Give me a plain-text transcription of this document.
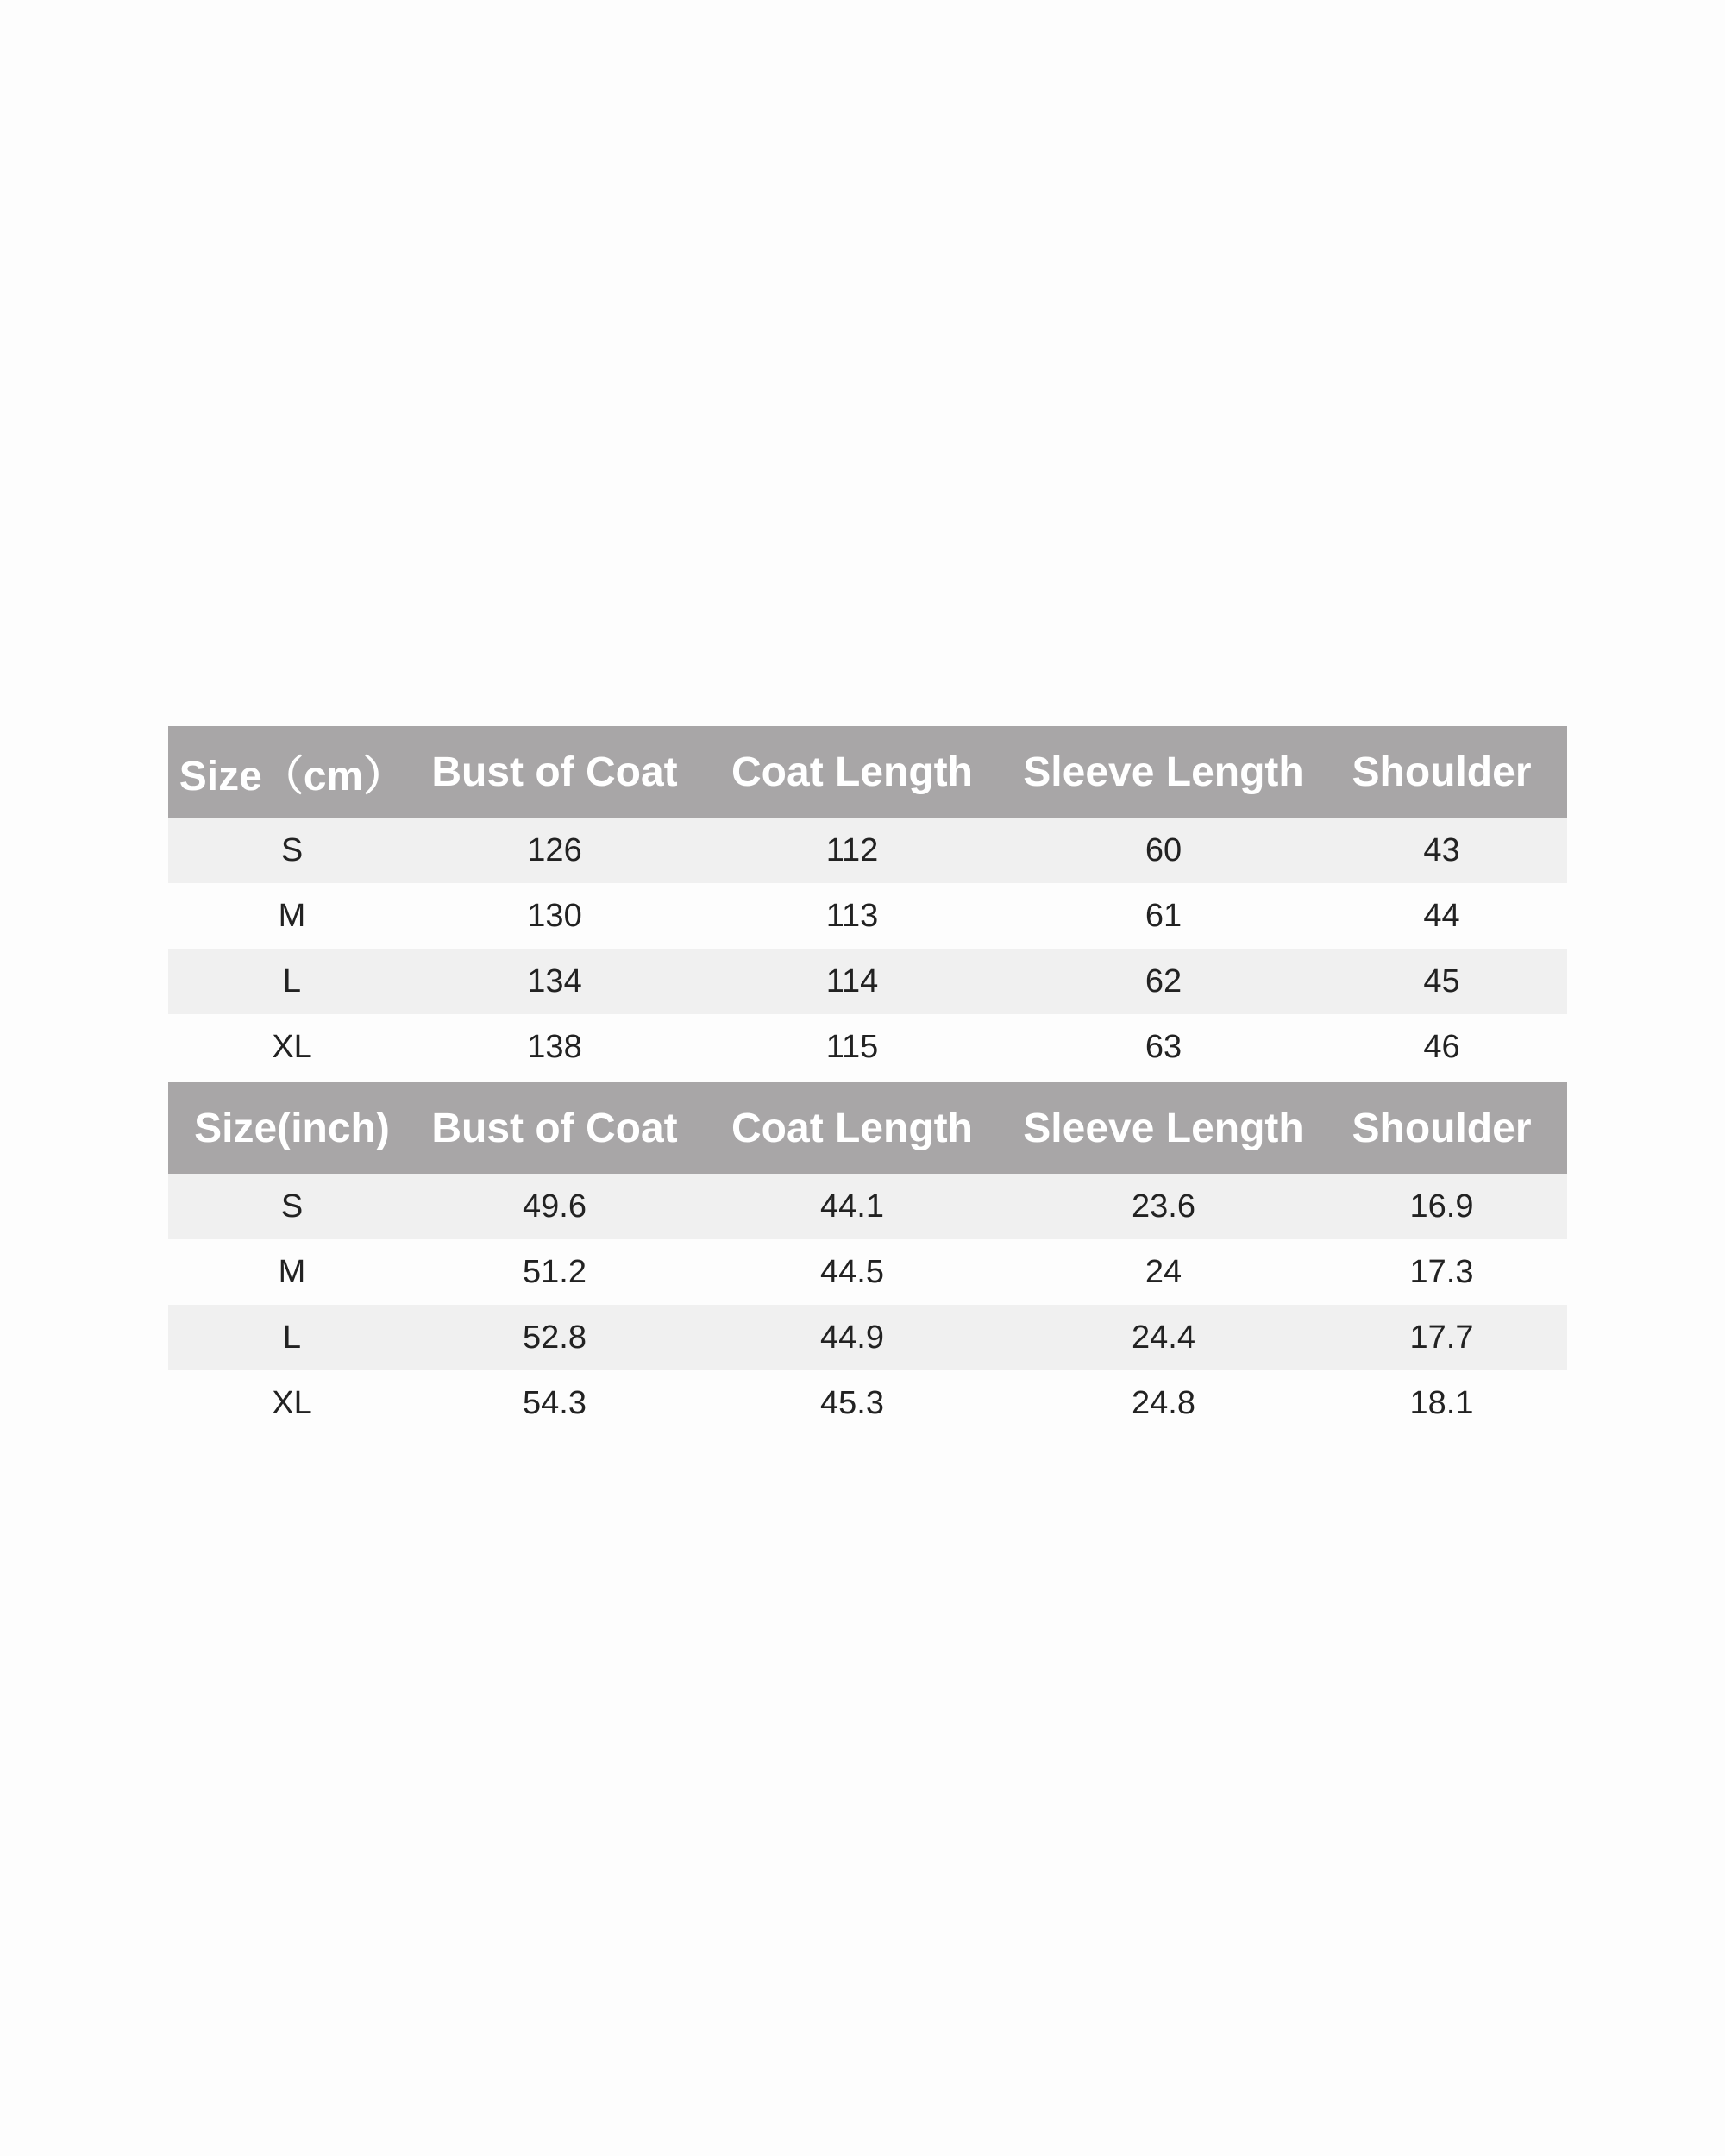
Size（cm）	Bust of Coat	Coat Length	Sleeve Length	Shoulder
S	126	112	60	43
M	130	113	61	44
L	134	114	62	45
XL	138	115	63	46
Size(inch)	Bust of Coat	Coat Length	Sleeve Length	Shoulder
S	49.6	44.1	23.6	16.9
M	51.2	44.5	24	17.3
L	52.8	44.9	24.4	17.7
XL	54.3	45.3	24.8	18.1
